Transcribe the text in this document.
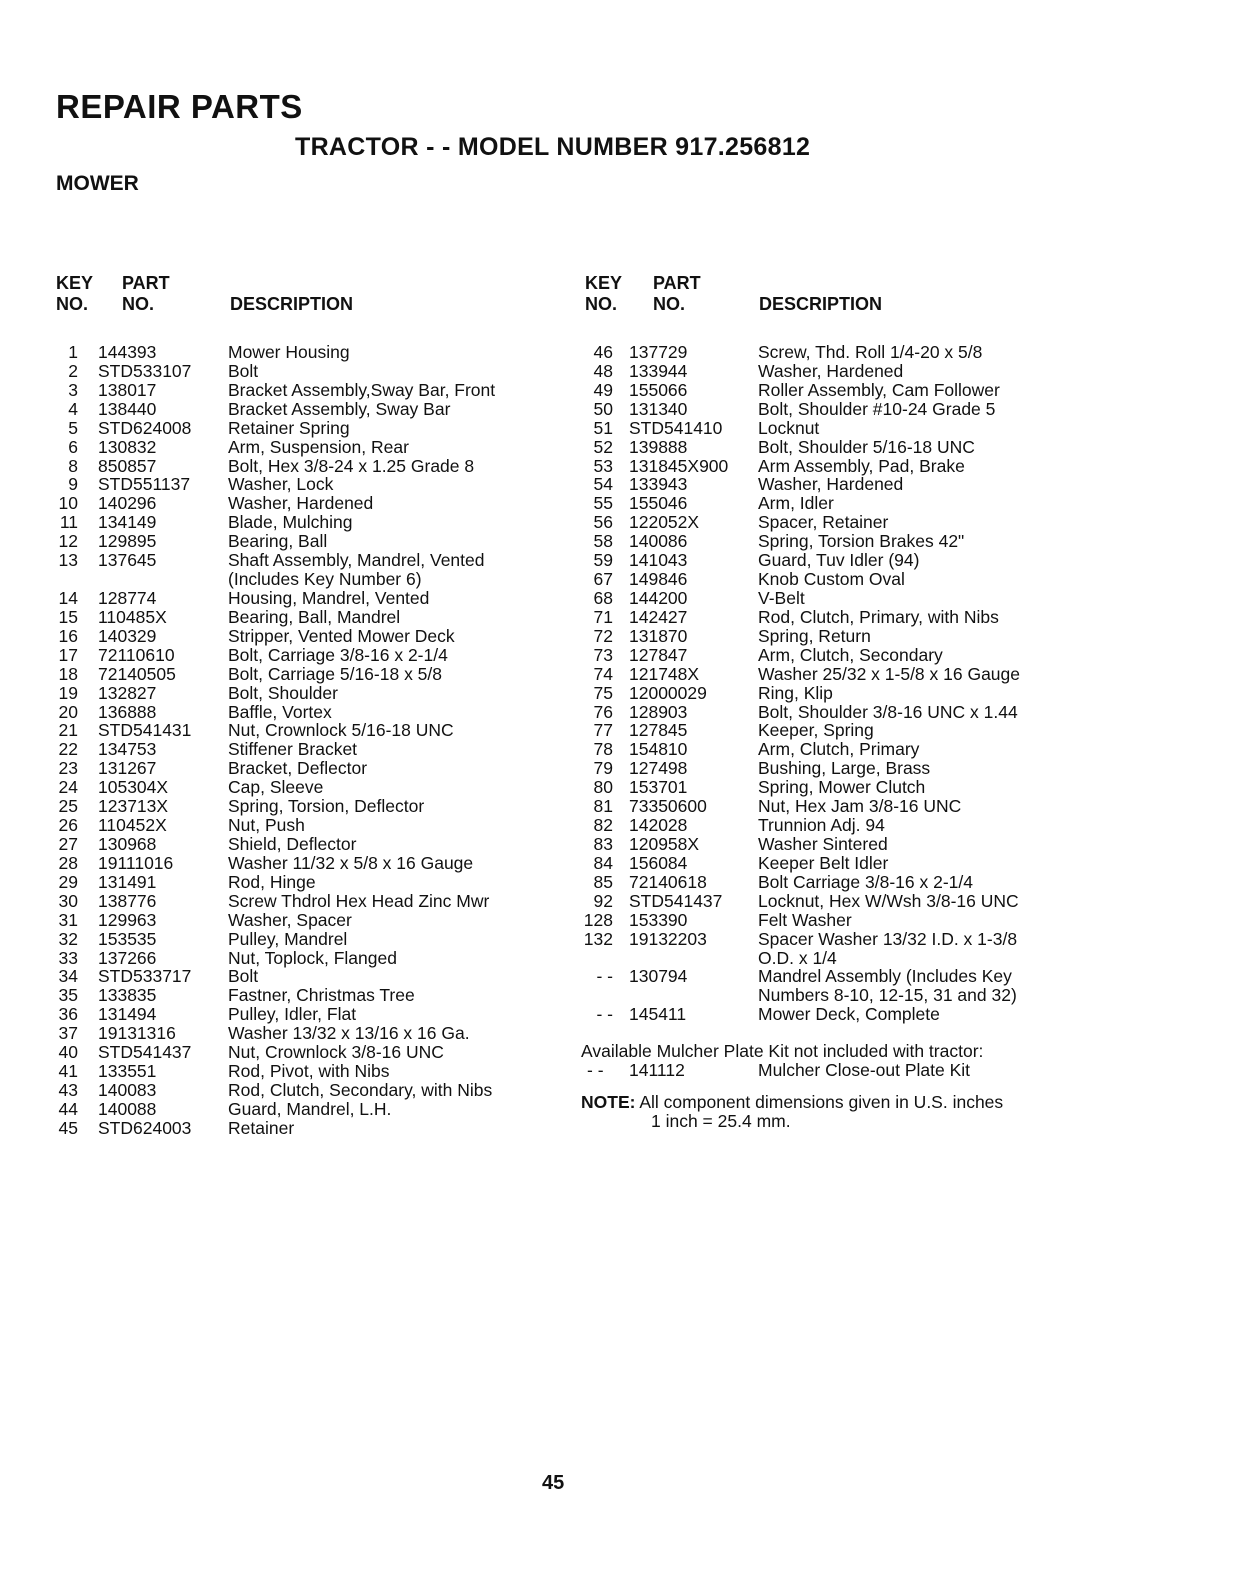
REPAIR PARTS
TRACTOR - - MODEL NUMBER 917.256812
MOWER
KEY
NO.
PART
NO.	DESCRIPTION
1 144393	Mower Housing
2 STD533107 Bolt
3 138017	Bracket Assembly,Sway Bar, Front
4 138440	Bracket Assembly, Sway Bar
5 STD624008 Retainer Spring
6 130832	Arm, Suspension, Rear
8 850857	Bolt, Hex 3/8-24 x 1.25 Grade 8
9 STD551137 Washer, Lock
10 140296	Washer, Hardened
11 134149	Blade, Mulching
12 129895	Bearing, Ball
13 137645	Shaft Assembly, Mandrel, Vented
(Includes Key Number 6)
14 128774	Housing, Mandrel, Vented
15 110485X	Bearing, Ball, Mandrel
16 140329	Stripper, Vented Mower Deck
17 72110610	Bolt, Carriage 3/8-16 x 2-1/4
18 72140505	Bolt, Carriage 5/16-18 x 5/8
19 132827	Bolt, Shoulder
20 136888	Baffle, Vortex
21 STD541431 Nut, Crownlock 5/16-18 UNC
22 134753	Stiffener Bracket
23 131267	Bracket, Deflector
24 105304X	Cap, Sleeve
25 123713X	Spring, Torsion, Deflector
26 110452X	Nut, Push
27 130968	Shield, Deflector
28 19111016	Washer 11/32 x 5/8 x 16 Gauge
29 131491	Rod, Hinge
30 138776	Screw Thdrol Hex Head Zinc Mwr
31 129963	Washer, Spacer
32 153535	Pulley, Mandrel
33 137266	Nut, Toplock, Flanged
34 STD533717 Bolt
35 133835	Fastner, Christmas Tree
36 131494	Pulley, Idler, Flat
37 19131316	Washer 13/32 x 13/16 x 16 Ga.
40 STD541437 Nut, Crownlock 3/8-16 UNC
41 133551	Rod, Pivot, with Nibs
43 140083	Rod, Clutch, Secondary, with Nibs
44 140088	Guard, Mandrel, L.H.
45 STD624003 Retainer
KEY
NO.
PART
NO.	DESCRIPTION
46 137729	Screw, Thd. Roll 1/4-20 x 5/8
48 133944	Washer, Hardened
49 155066	Roller Assembly, Cam Follower
50 131340	Bolt, Shoulder #10-24 Grade 5
51 STD541410 Locknut
52 139888	Bolt, Shoulder 5/16-18 UNC
53 131845X900 Arm Assembly, Pad, Brake
54 133943	Washer, Hardened
55 155046	Arm, Idler
56 122052X	Spacer, Retainer
58 140086	Spring, Torsion Brakes 42"
59 141043	Guard, Tuv Idler (94)
67 149846	Knob Custom Oval
68 144200	V-Belt
71 142427	Rod, Clutch, Primary, with Nibs
72 131870	Spring, Return
73 127847	Arm, Clutch, Secondary
74 121748X	Washer 25/32 x 1-5/8 x 16 Gauge
75 12000029	Ring, Klip
76 128903	Bolt, Shoulder 3/8-16 UNC x 1.44
77 127845	Keeper, Spring
78 154810	Arm, Clutch, Primary
79 127498	Bushing, Large, Brass
80 153701	Spring, Mower Clutch
81 73350600	Nut, Hex Jam 3/8-16 UNC
82 142028	Trunnion Adj. 94
83 120958X	Washer Sintered
84 156084	Keeper Belt Idler
85 72140618	Bolt Carriage 3/8-16 x 2-1/4
92 STD541437 Locknut, Hex W/Wsh 3/8-16 UNC
128 153390	Felt Washer
132 19132203	Spacer Washer 13/32 I.D. x 1-3/8
O.D. x 1/4
- - 130794	Mandrel Assembly (Includes Key
Numbers 8-10, 12-15, 31 and 32)
- - 145411	Mower Deck, Complete
Available Mulcher Plate Kit not included with tractor:
- - 141112	Mulcher Close-out Plate Kit
NOTE: All component dimensions given in U.S. inches
1 inch = 25.4 mm.
45
